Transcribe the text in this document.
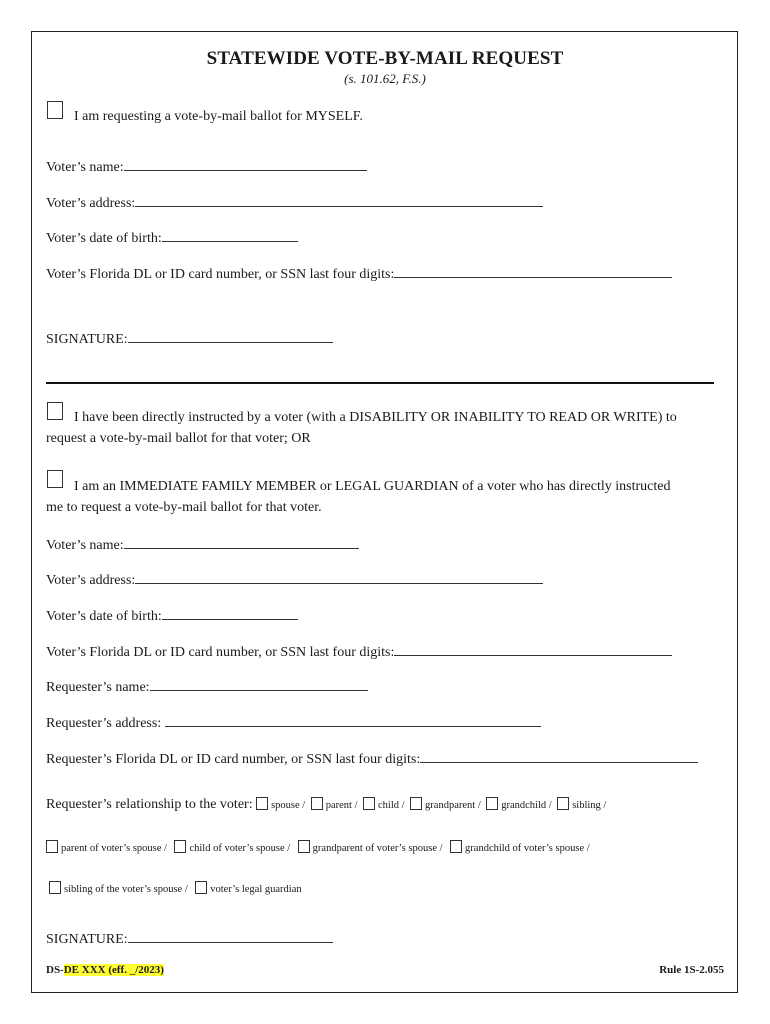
STATEWIDE VOTE-BY-MAIL REQUEST
(s. 101.62, F.S.)
I am requesting a vote-by-mail ballot for MYSELF.
Voter’s name:
Voter’s address:
Voter’s date of birth:
Voter’s Florida DL or ID card number, or SSN last four digits:
SIGNATURE:
I have been directly instructed by a voter (with a DISABILITY OR INABILITY TO READ OR WRITE) to
request a vote-by-mail ballot for that voter; OR
I am an IMMEDIATE FAMILY MEMBER or LEGAL GUARDIAN of a voter who has directly instructed
me to request a vote-by-mail ballot for that voter.
Voter’s name:
Voter’s address:
Voter’s date of birth:
Voter’s Florida DL or ID card number, or SSN last four digits:
Requester’s name:
Requester’s address:
Requester’s Florida DL or ID card number, or SSN last four digits:
Requester’s relationship to the voter: spouse / parent / child / grandparent / grandchild / sibling /
parent of voter’s spouse / child of voter’s spouse / grandparent of voter’s spouse / grandchild of voter’s spouse /
sibling of the voter’s spouse / voter’s legal guardian
SIGNATURE:
DS-DE XXX (eff. _/2023)	Rule 1S-2.055
